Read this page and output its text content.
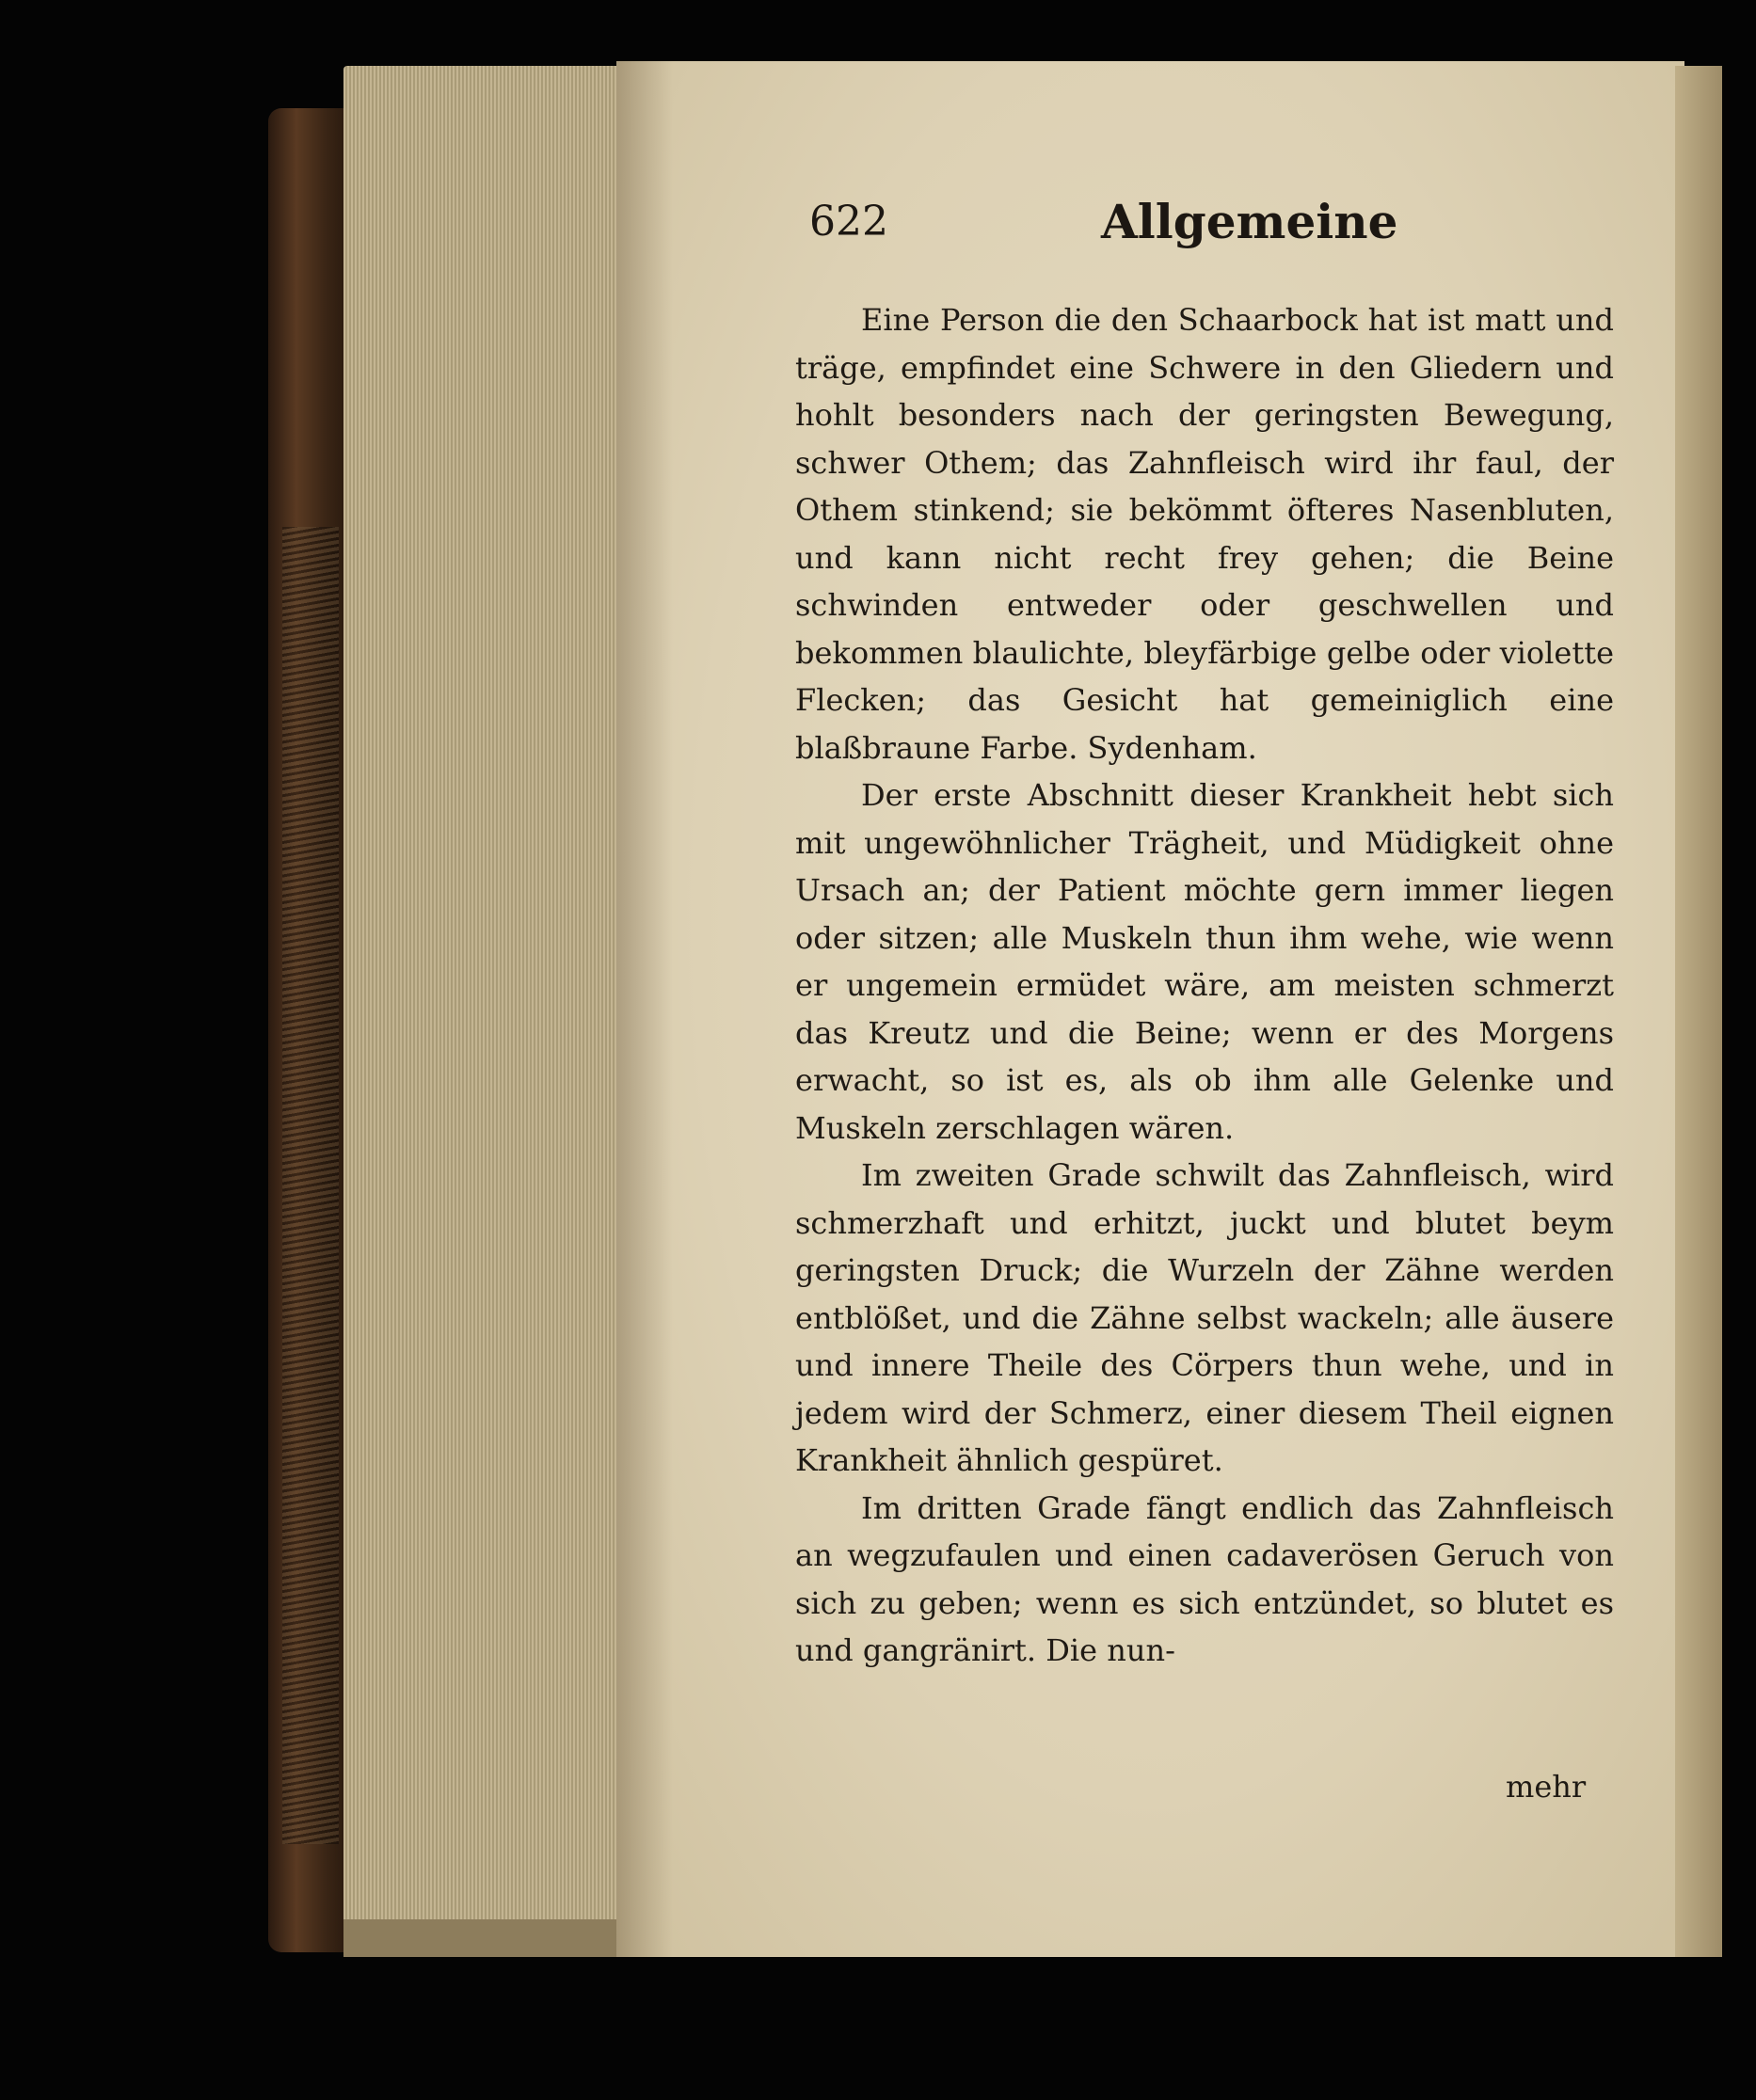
622	Allgemeine

Eine Person die den Schaarbock hat ist matt und träge, empfindet eine Schwere in den Gliedern und hohlt besonders nach der geringsten Bewegung, schwer Othem; das Zahnfleisch wird ihr faul, der Othem stinkend; sie bekömmt öfteres Nasenbluten, und kann nicht recht frey gehen; die Beine schwinden entweder oder geschwellen und bekommen blaulichte, bleyfärbige gelbe oder violette Flecken; das Gesicht hat gemeiniglich eine blaßbraune Farbe. Sydenham.

Der erste Abschnitt dieser Krankheit hebt sich mit ungewöhnlicher Trägheit, und Müdigkeit ohne Ursach an; der Patient möchte gern immer liegen oder sitzen; alle Muskeln thun ihm wehe, wie wenn er ungemein ermüdet wäre, am meisten schmerzt das Kreutz und die Beine; wenn er des Morgens erwacht, so ist es, als ob ihm alle Gelenke und Muskeln zerschlagen wären.

Im zweiten Grade schwilt das Zahnfleisch, wird schmerzhaft und erhitzt, juckt und blutet beym geringsten Druck; die Wurzeln der Zähne werden entblößet, und die Zähne selbst wackeln; alle äusere und innere Theile des Cörpers thun wehe, und in jedem wird der Schmerz, einer diesem Theil eignen Krankheit ähnlich gespüret.

Im dritten Grade fängt endlich das Zahnfleisch an wegzufaulen und einen cadaverösen Geruch von sich zu geben; wenn es sich entzündet, so blutet es und gangränirt. Die nun-

mehr
